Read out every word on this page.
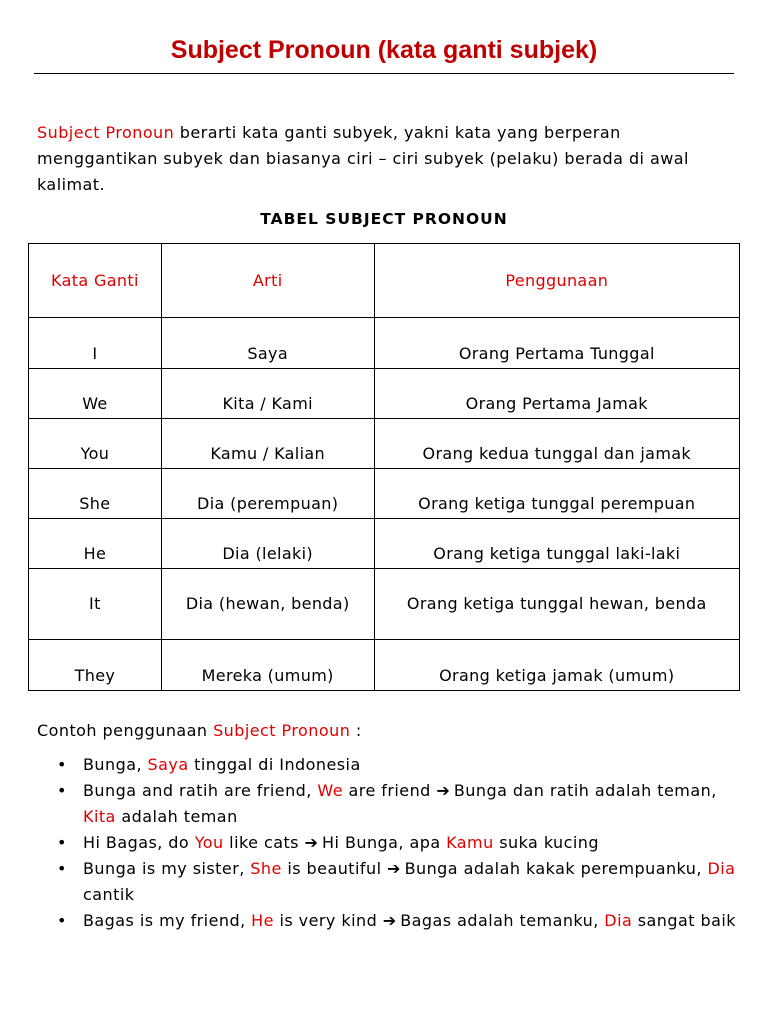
Subject Pronoun (kata ganti subjek)

Subject Pronoun berarti kata ganti subyek, yakni kata yang berperan menggantikan subyek dan biasanya ciri – ciri subyek (pelaku) berada di awal kalimat.

TABEL SUBJECT PRONOUN

Kata Ganti	Arti	Penggunaan
I	Saya	Orang Pertama Tunggal
We	Kita / Kami	Orang Pertama Jamak
You	Kamu / Kalian	Orang kedua tunggal dan jamak
She	Dia (perempuan)	Orang ketiga tunggal perempuan
He	Dia (lelaki)	Orang ketiga tunggal laki-laki
It	Dia (hewan, benda)	Orang ketiga tunggal hewan, benda
They	Mereka (umum)	Orang ketiga jamak (umum)

Contoh penggunaan Subject Pronoun :

• Bunga, Saya tinggal di Indonesia
• Bunga and ratih are friend, We are friend ➔ Bunga dan ratih adalah teman, Kita adalah teman
• Hi Bagas, do You like cats ➔ Hi Bunga, apa Kamu suka kucing
• Bunga is my sister, She is beautiful ➔ Bunga adalah kakak perempuanku, Dia cantik
• Bagas is my friend, He is very kind ➔ Bagas adalah temanku, Dia sangat baik
